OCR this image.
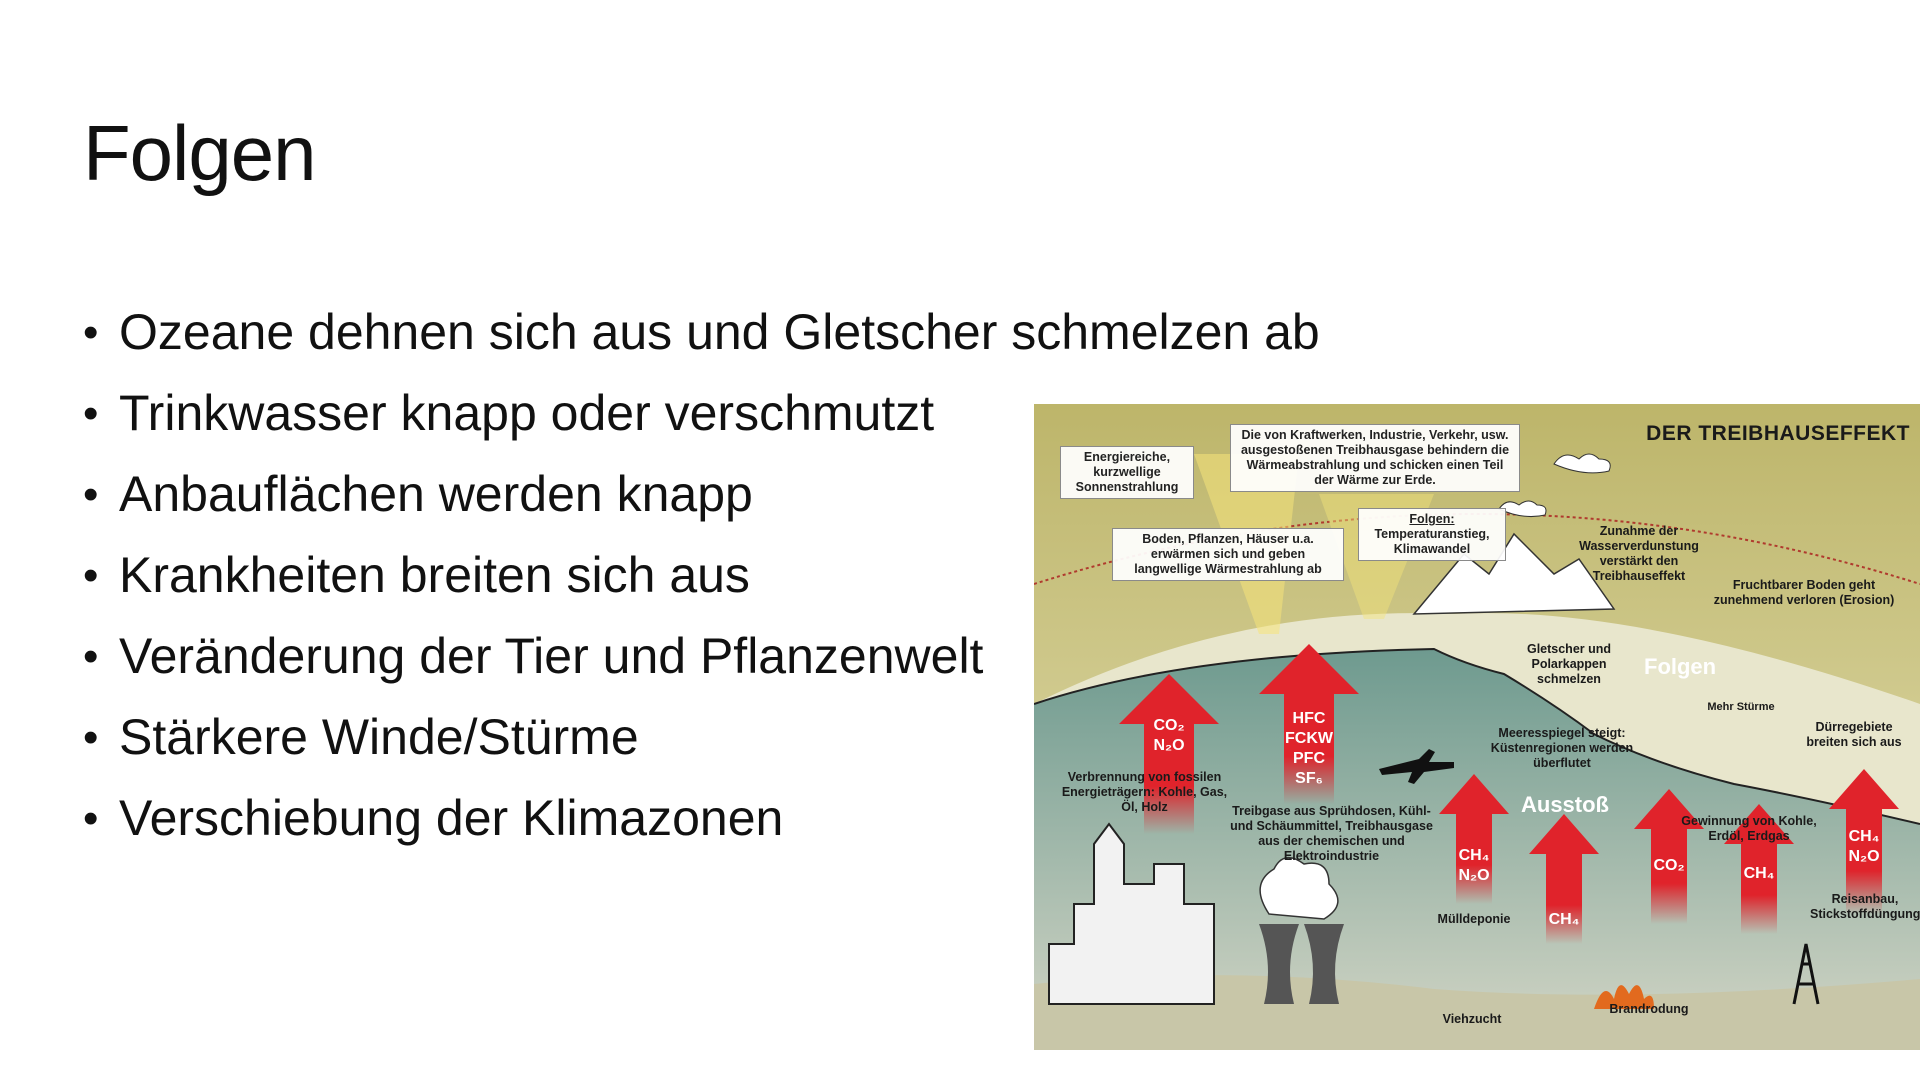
Folgen
• Ozeane dehnen sich aus und Gletscher schmelzen ab
• Trinkwasser knapp oder verschmutzt
• Anbauflächen werden knapp
• Krankheiten breiten sich aus
• Veränderung der Tier und Pflanzenwelt
• Stärkere Winde/Stürme
• Verschiebung der Klimazonen
CO₂
N₂O
HFC
FCKW
PFC
SF₆
CH₄
N₂O
CH₄
CO₂	CH₄
CH₄
N₂O
DER TREIBHAUSEFFEKT
Energiereiche, kurzwellige Sonnenstrahlung
Die von Kraftwerken, Industrie, Verkehr, usw. ausgestoßenen Treibhausgase behindern die Wärmeabstrahlung und schicken einen Teil der Wärme zur Erde.
Boden, Pflanzen, Häuser u.a. erwärmen sich und geben langwellige Wärmestrahlung ab
Folgen:
Temperaturanstieg, Klimawandel
Zunahme der Wasserverdunstung verstärkt den Treibhauseffekt
Fruchtbarer Boden geht zunehmend verloren (Erosion)
Gletscher und Polarkappen schmelzen	Folgen
Mehr Stürme
Dürregebiete breiten sich aus
Meeresspiegel steigt: Küstenregionen werden überflutet
Ausstoß
Verbrennung von fossilen Energieträgern: Kohle, Gas, Öl, Holz	Treibgase aus Sprühdosen, Kühl- und Schäummittel, Treibhausgase aus der chemischen und Elektroindustrie
Gewinnung von Kohle, Erdöl, Erdgas
Mülldeponie
Reisanbau, Stickstoffdüngung
Brandrodung
Viehzucht
